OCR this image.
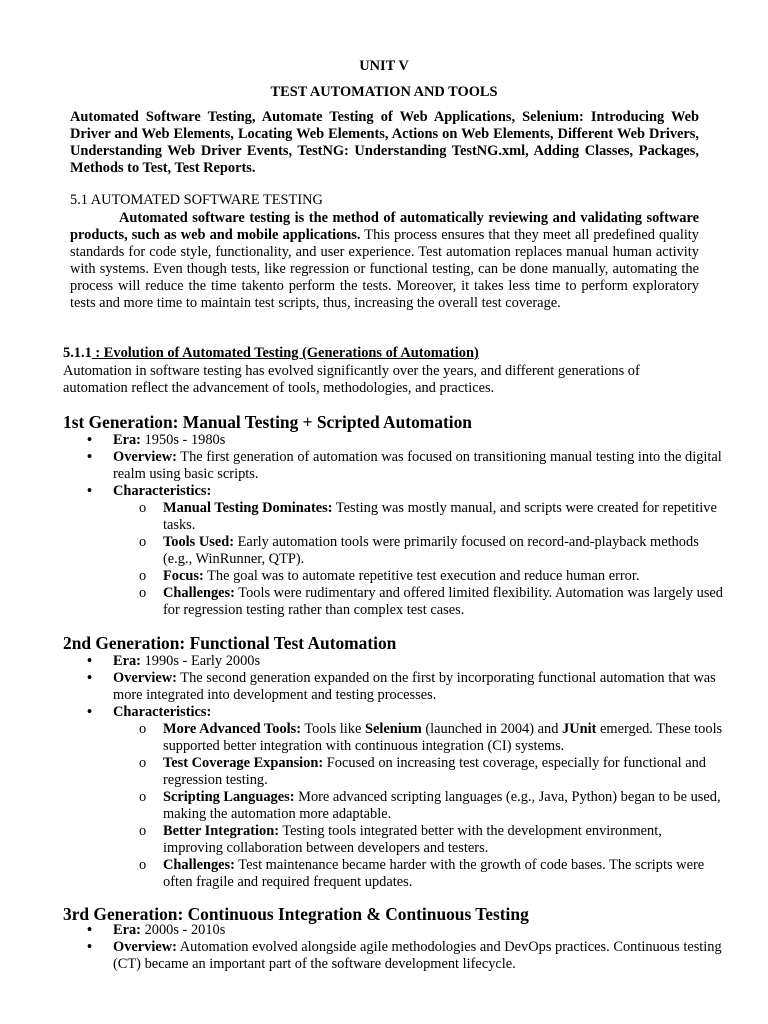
UNIT V
TEST AUTOMATION AND TOOLS
Automated Software Testing, Automate Testing of Web Applications, Selenium: Introducing Web Driver and Web Elements, Locating Web Elements, Actions on Web Elements, Different Web Drivers, Understanding Web Driver Events, TestNG: Understanding TestNG.xml, Adding Classes, Packages, Methods to Test, Test Reports.
5.1 AUTOMATED SOFTWARE TESTING
Automated software testing is the method of automatically reviewing and validating software products, such as web and mobile applications. This process ensures that they meet all predefined quality standards for code style, functionality, and user experience. Test automation replaces manual human activity with systems. Even though tests, like regression or functional testing, can be done manually, automating the process will reduce the time takento perform the tests. Moreover, it takes less time to perform exploratory tests and more time to maintain test scripts, thus, increasing the overall test coverage.
5.1.1 : Evolution of Automated Testing (Generations of Automation)
Automation in software testing has evolved significantly over the years, and different generations of automation reflect the advancement of tools, methodologies, and practices.
1st Generation: Manual Testing + Scripted Automation
• Era: 1950s - 1980s
• Overview: The first generation of automation was focused on transitioning manual testing into the digital realm using basic scripts.
• Characteristics:
o Manual Testing Dominates: Testing was mostly manual, and scripts were created for repetitive tasks.
o Tools Used: Early automation tools were primarily focused on record-and-playback methods (e.g., WinRunner, QTP).
o Focus: The goal was to automate repetitive test execution and reduce human error.
o Challenges: Tools were rudimentary and offered limited flexibility. Automation was largely used for regression testing rather than complex test cases.
2nd Generation: Functional Test Automation
• Era: 1990s - Early 2000s
• Overview: The second generation expanded on the first by incorporating functional automation that was more integrated into development and testing processes.
• Characteristics:
o More Advanced Tools: Tools like Selenium (launched in 2004) and JUnit emerged. These tools supported better integration with continuous integration (CI) systems.
o Test Coverage Expansion: Focused on increasing test coverage, especially for functional and regression testing.
o Scripting Languages: More advanced scripting languages (e.g., Java, Python) began to be used, making the automation more adaptable.
o Better Integration: Testing tools integrated better with the development environment, improving collaboration between developers and testers.
o Challenges: Test maintenance became harder with the growth of code bases. The scripts were often fragile and required frequent updates.
3rd Generation: Continuous Integration & Continuous Testing
• Era: 2000s - 2010s
• Overview: Automation evolved alongside agile methodologies and DevOps practices. Continuous testing (CT) became an important part of the software development lifecycle.
